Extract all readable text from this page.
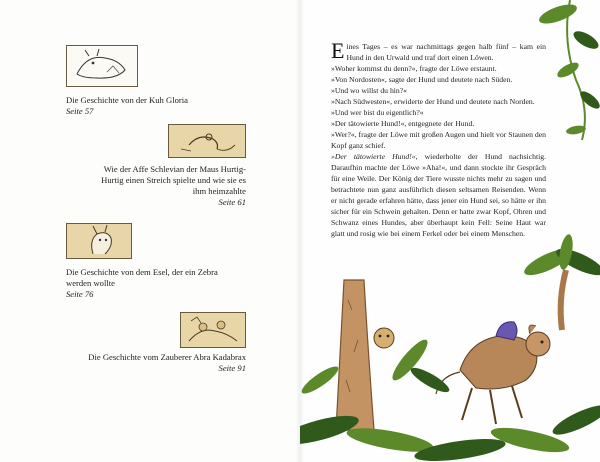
Die Geschichte von der Kuh Gloria
Seite 57
Wie der Affe Schlevian der Maus Hurtig-Hurtig einen Streich spielte und wie sie es ihm heimzahlte
Seite 61
Die Geschichte von dem Esel, der ein Zebra werden wollte
Seite 76
Die Geschichte vom Zauberer Abra Kadabrax
Seite 91

Eines Tages – es war nachmittags gegen halb fünf – kam ein Hund in den Urwald und traf dort einen Löwen.

»Woher kommst du denn?«, fragte der Löwe erstaunt.

»Von Nordosten«, sagte der Hund und deutete nach Süden.

»Und wo willst du hin?«

»Nach Südwesten«, erwiderte der Hund und deutete nach Norden.

»Und wer bist du eigentlich?«

»Der tätowierte Hund!«, entgegnete der Hund.

»Wer?«, fragte der Löwe mit großen Augen und hielt vor Staunen den Kopf ganz schief.

»Der tätowierte Hund!«, wiederholte der Hund nachsichtig. Daraufhin machte der Löwe »Aha!«, und dann stockte ihr Gespräch für eine Weile. Der König der Tiere wusste nichts mehr zu sagen und betrachtete nun ganz ausführlich diesen seltsamen Reisenden. Wenn er nicht gerade erfahren hätte, dass jener ein Hund sei, so hätte er ihn sicher für ein Schwein gehalten. Denn er hatte zwar Kopf, Ohren und Schwanz eines Hundes, aber überhaupt kein Fell: Seine Haut war glatt und rosig wie bei einem Ferkel oder bei einem Menschen.
